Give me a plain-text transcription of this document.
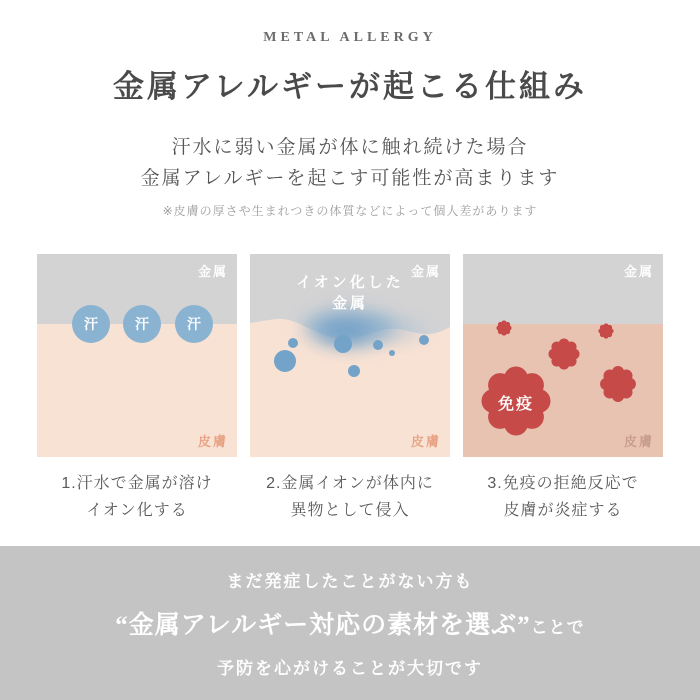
METAL ALLERGY
金属アレルギーが起こる仕組み
汗水に弱い金属が体に触れ続けた場合
金属アレルギーを起こす可能性が高まります
※皮膚の厚さや生まれつきの体質などによって個人差があります
汗	汗	汗
金属
皮膚
イオン化した
金属
金属
皮膚
免疫
金属
皮膚
1.汗水で金属が溶け
イオン化する
2.金属イオンが体内に
異物として侵入
3.免疫の拒絶反応で
皮膚が炎症する
まだ発症したことがない方も
“金属アレルギー対応の素材を選ぶ”ことで
予防を心がけることが大切です
